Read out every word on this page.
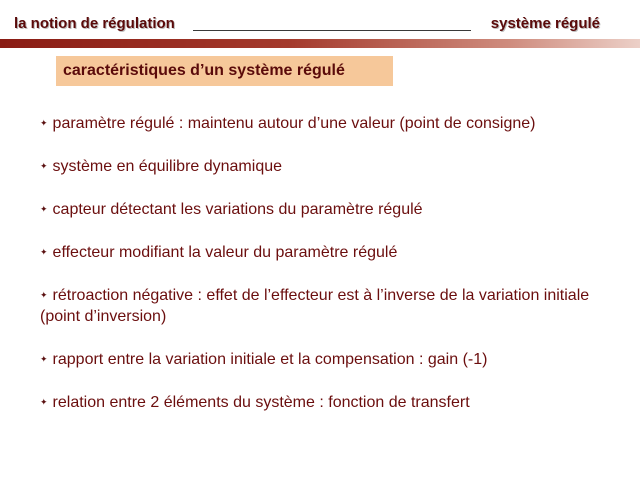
la notion de régulation	système régulé
caractéristiques d’un système régulé
✦ paramètre régulé : maintenu autour d’une valeur (point de consigne)
✦ système en équilibre dynamique
✦ capteur détectant les variations du paramètre régulé
✦ effecteur modifiant la valeur du paramètre régulé
✦ rétroaction négative : effet de l’effecteur est à l’inverse de la variation initiale (point d’inversion)
✦ rapport entre la variation initiale et la compensation : gain (-1)
✦ relation entre 2 éléments du système : fonction de transfert
